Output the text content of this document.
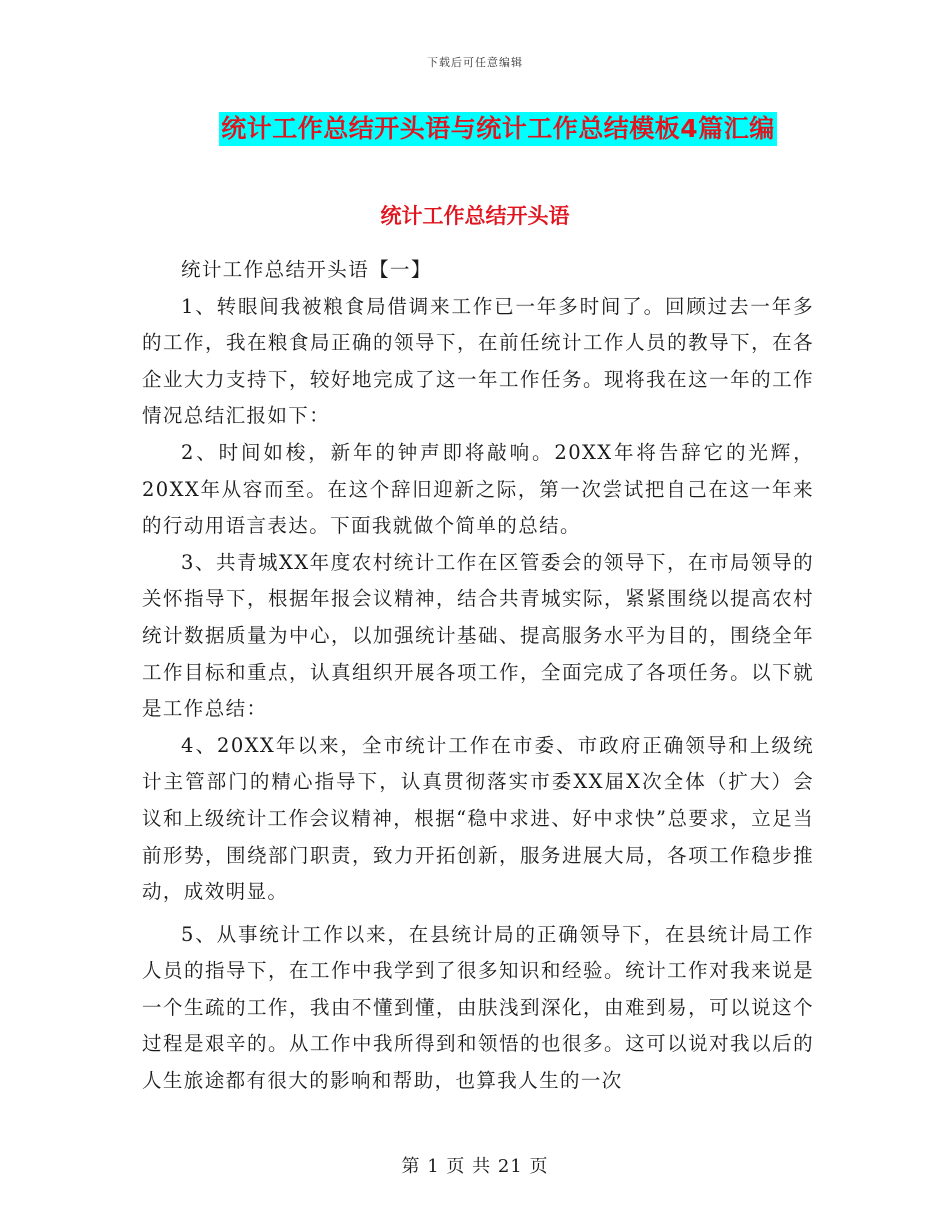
下载后可任意编辑
统计工作总结开头语与统计工作总结模板4篇汇编
统计工作总结开头语

统计工作总结开头语【一】

1、转眼间我被粮食局借调来工作已一年多时间了。回顾过去一年多的工作，我在粮食局正确的领导下，在前任统计工作人员的教导下，在各企业大力支持下，较好地完成了这一年工作任务。现将我在这一年的工作情况总结汇报如下：

2、时间如梭，新年的钟声即将敲响。20XX年将告辞它的光辉，20XX年从容而至。在这个辞旧迎新之际，第一次尝试把自己在这一年来的行动用语言表达。下面我就做个简单的总结。

3、共青城XX年度农村统计工作在区管委会的领导下，在市局领导的关怀指导下，根据年报会议精神，结合共青城实际，紧紧围绕以提高农村统计数据质量为中心，以加强统计基础、提高服务水平为目的，围绕全年工作目标和重点，认真组织开展各项工作，全面完成了各项任务。以下就是工作总结：

4、20XX年以来，全市统计工作在市委、市政府正确领导和上级统计主管部门的精心指导下，认真贯彻落实市委XX届X次全体（扩大）会议和上级统计工作会议精神，根据“稳中求进、好中求快”总要求，立足当前形势，围绕部门职责，致力开拓创新，服务进展大局，各项工作稳步推动，成效明显。

5、从事统计工作以来，在县统计局的正确领导下，在县统计局工作人员的指导下，在工作中我学到了很多知识和经验。统计工作对我来说是一个生疏的工作，我由不懂到懂，由肤浅到深化，由难到易，可以说这个过程是艰辛的。从工作中我所得到和领悟的也很多。这可以说对我以后的人生旅途都有很大的影响和帮助，也算我人生的一次

第 1 页 共 21 页
